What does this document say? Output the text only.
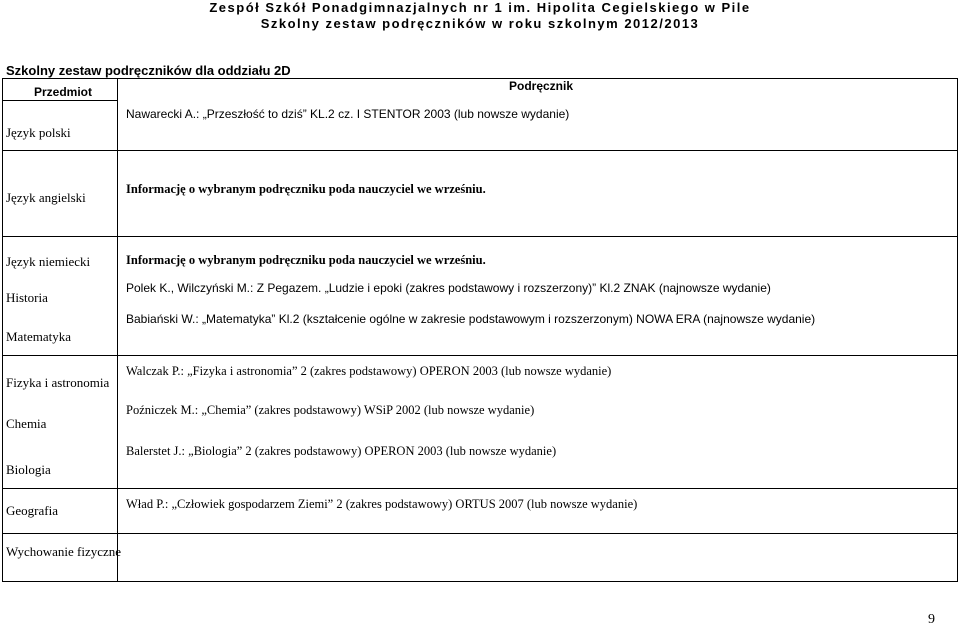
Zespół Szkół Ponadgimnazjalnych nr 1 im. Hipolita Cegielskiego w Pile
Szkolny zestaw podręczników w roku szkolnym 2012/2013
Szkolny zestaw podręczników dla oddziału 2D
Przedmiot	Podręcznik
Język polski
Język angielski
Język niemiecki
Historia
Matematyka
Fizyka i astronomia
Chemia
Biologia
Geografia
Wychowanie fizyczne
Nawarecki A.: „Przeszłość to dziś” KL.2 cz. I STENTOR 2003 (lub nowsze wydanie)
Informację o wybranym podręczniku poda nauczyciel we wrześniu.
Informację o wybranym podręczniku poda nauczyciel we wrześniu.
Polek K., Wilczyński M.: Z Pegazem. „Ludzie i epoki (zakres podstawowy i rozszerzony)” Kl.2 ZNAK (najnowsze wydanie)
Babiański W.: „Matematyka” Kl.2 (kształcenie ogólne w zakresie podstawowym i rozszerzonym) NOWA ERA (najnowsze wydanie)
Walczak P.: „Fizyka i astronomia” 2 (zakres podstawowy) OPERON 2003 (lub nowsze wydanie)
Poźniczek M.: „Chemia” (zakres podstawowy) WSiP 2002 (lub nowsze wydanie)
Balerstet J.: „Biologia” 2 (zakres podstawowy) OPERON 2003 (lub nowsze wydanie)
Wład P.: „Człowiek gospodarzem Ziemi” 2 (zakres podstawowy) ORTUS 2007 (lub nowsze wydanie)
9
